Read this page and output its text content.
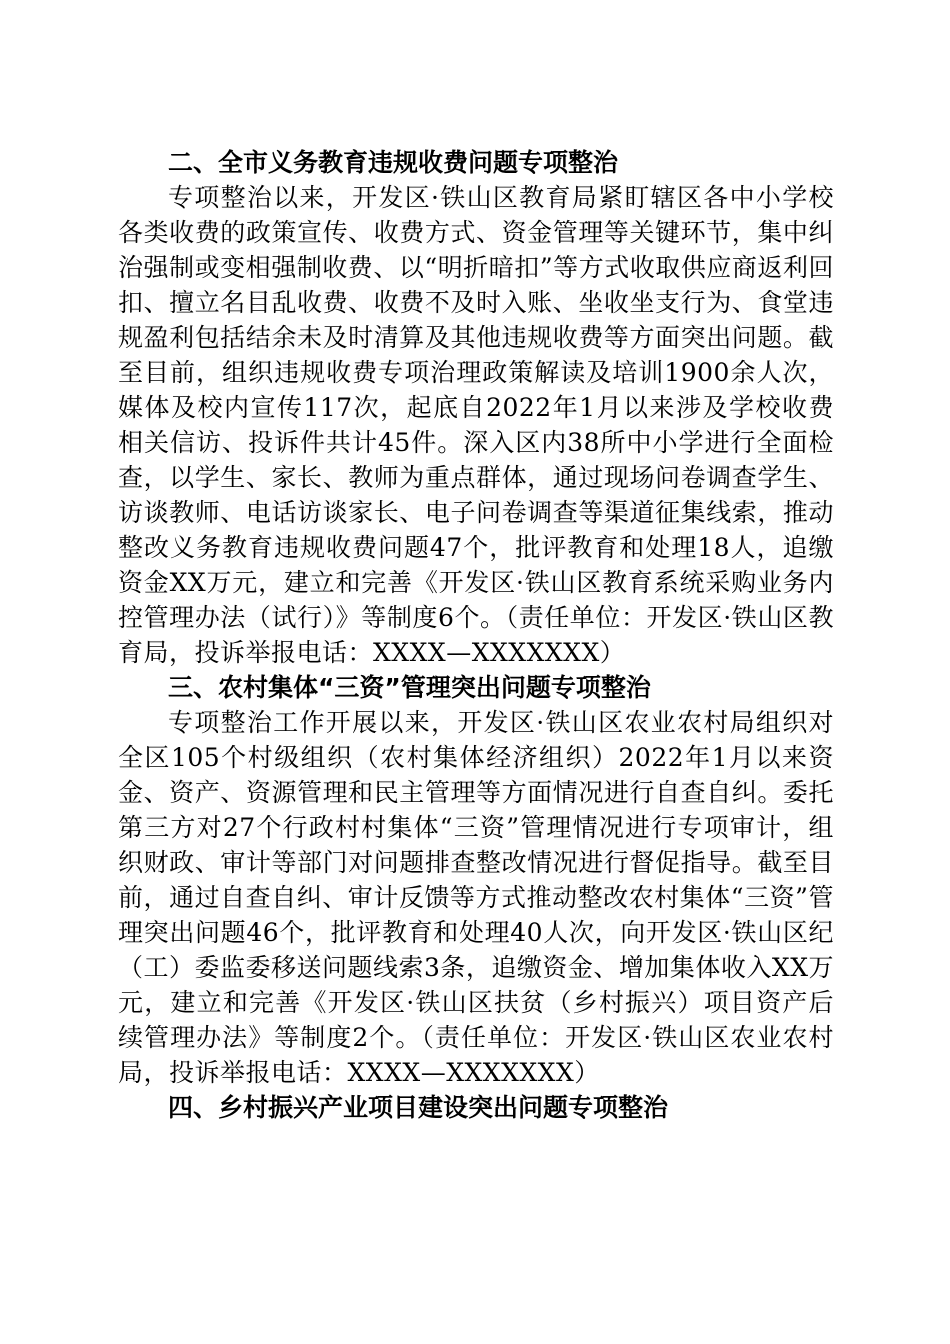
二、全市义务教育违规收费问题专项整治

专项整治以来，开发区·铁山区教育局紧盯辖区各中小学校各类收费的政策宣传、收费方式、资金管理等关键环节，集中纠治强制或变相强制收费、以“明折暗扣”等方式收取供应商返利回扣、擅立名目乱收费、收费不及时入账、坐收坐支行为、食堂违规盈利包括结余未及时清算及其他违规收费等方面突出问题。截至目前，组织违规收费专项治理政策解读及培训1900余人次，媒体及校内宣传117次，起底自2022年1月以来涉及学校收费相关信访、投诉件共计45件。深入区内38所中小学进行全面检查，以学生、家长、教师为重点群体，通过现场问卷调查学生、访谈教师、电话访谈家长、电子问卷调查等渠道征集线索，推动整改义务教育违规收费问题47个，批评教育和处理18人，追缴资金XX万元，建立和完善《开发区·铁山区教育系统采购业务内控管理办法（试行）》等制度6个。（责任单位：开发区·铁山区教育局，投诉举报电话：XXXX—XXXXXXX）

三、农村集体“三资”管理突出问题专项整治

专项整治工作开展以来，开发区·铁山区农业农村局组织对全区105个村级组织（农村集体经济组织）2022年1月以来资金、资产、资源管理和民主管理等方面情况进行自查自纠。委托第三方对27个行政村村集体“三资”管理情况进行专项审计，组织财政、审计等部门对问题排查整改情况进行督促指导。截至目前，通过自查自纠、审计反馈等方式推动整改农村集体“三资”管理突出问题46个，批评教育和处理40人次，向开发区·铁山区纪（工）委监委移送问题线索3条，追缴资金、增加集体收入XX万元，建立和完善《开发区·铁山区扶贫（乡村振兴）项目资产后续管理办法》等制度2个。（责任单位：开发区·铁山区农业农村局，投诉举报电话：XXXX—XXXXXXX）

四、乡村振兴产业项目建设突出问题专项整治
